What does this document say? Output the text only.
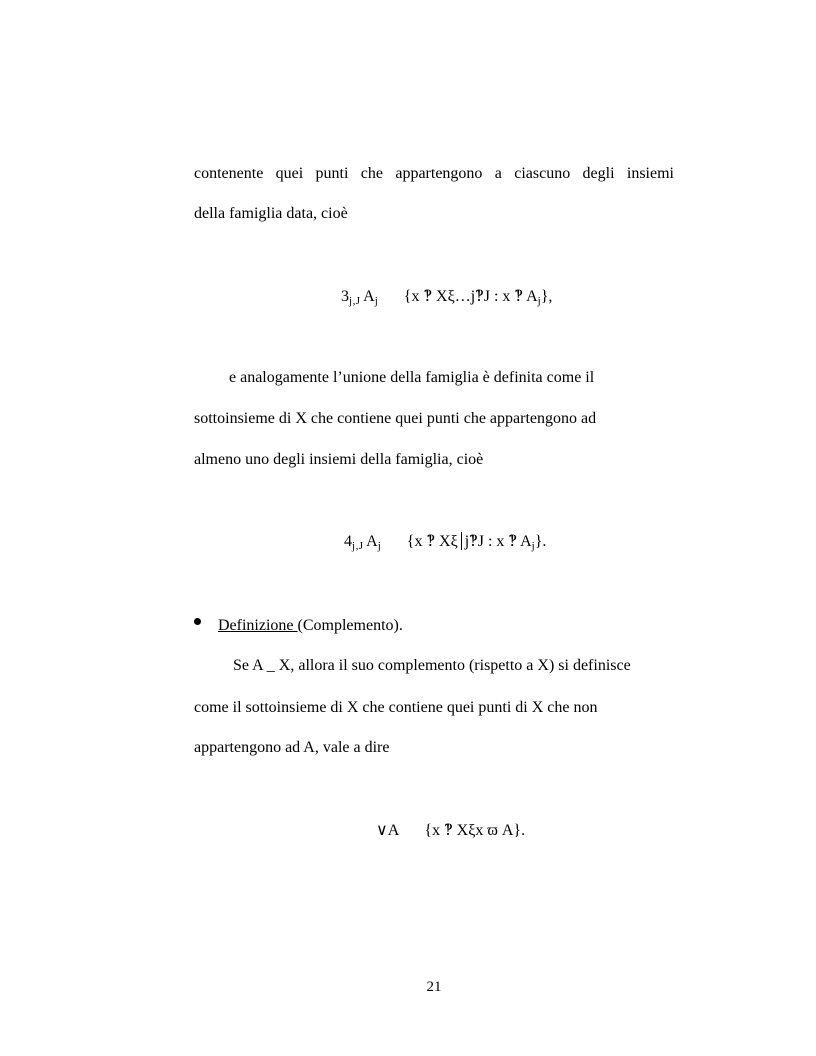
contenente quei punti che appartengono a ciascuno degli insiemi
della famiglia data, cioè
$3_{j‚J}$ $A_j$ {x ‽ Xξ…j‽J : x ‽ $A_j$},
e analogamente l’unione della famiglia è definita come il
sottoinsieme di X che contiene quei punti che appartengono ad
almeno uno degli insiemi della famiglia, cioè
$4_{j‚J}$ $A_j$ {x ‽ Xξ j‽J : x ‽ $A_j$}.
Definizione (Complemento).
Se A _ X, allora il suo complemento (rispetto a X) si definisce
come il sottoinsieme di X che contiene quei punti di X che non
appartengono ad A, vale a dire
∨A {x ‽ Xξx ϖ A}.
21
